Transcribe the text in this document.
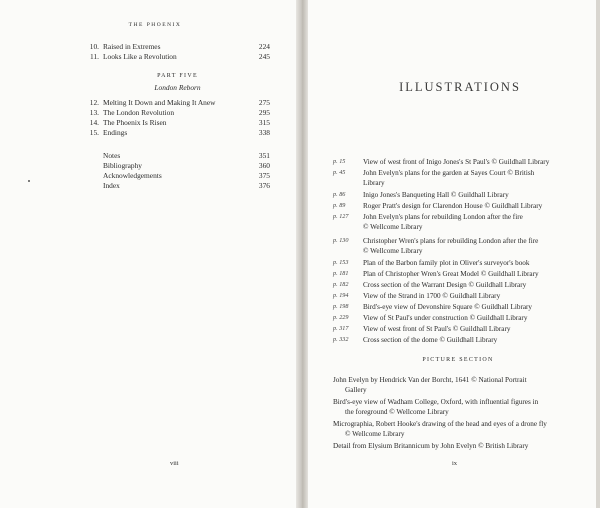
THE PHOENIX
10. Raised in Extremes	224
11. Looks Like a Revolution	245
PART FIVE
London Reborn
12. Melting It Down and Making It Anew	275
13. The London Revolution	295
14. The Phoenix Is Risen	315
15. Endings	338
Notes	351
Bibliography	360
Acknowledgements	375
Index	376
viii
ILLUSTRATIONS
p. 15 View of west front of Inigo Jones's St Paul's © Guildhall Library
p. 45 John Evelyn's plans for the garden at Sayes Court © British
Library
p. 86 Inigo Jones's Banqueting Hall © Guildhall Library
p. 89 Roger Pratt's design for Clarendon House © Guildhall Library
p. 127 John Evelyn's plans for rebuilding London after the fire
© Wellcome Library
p. 130 Christopher Wren's plans for rebuilding London after the fire
© Wellcome Library
p. 153 Plan of the Barbon family plot in Oliver's surveyor's book
p. 181 Plan of Christopher Wren's Great Model © Guildhall Library
p. 182 Cross section of the Warrant Design © Guildhall Library
p. 194 View of the Strand in 1700 © Guildhall Library
p. 198 Bird's-eye view of Devonshire Square © Guildhall Library
p. 229 View of St Paul's under construction © Guildhall Library
p. 317 View of west front of St Paul's © Guildhall Library
p. 332 Cross section of the dome © Guildhall Library
PICTURE SECTION
John Evelyn by Hendrick Van der Borcht, 1641 © National Portrait
Gallery
Bird's-eye view of Wadham College, Oxford, with influential figures in
the foreground © Wellcome Library
Micrographia, Robert Hooke's drawing of the head and eyes of a drone fly
© Wellcome Library
Detail from Elysium Britannicum by John Evelyn © British Library
ix
